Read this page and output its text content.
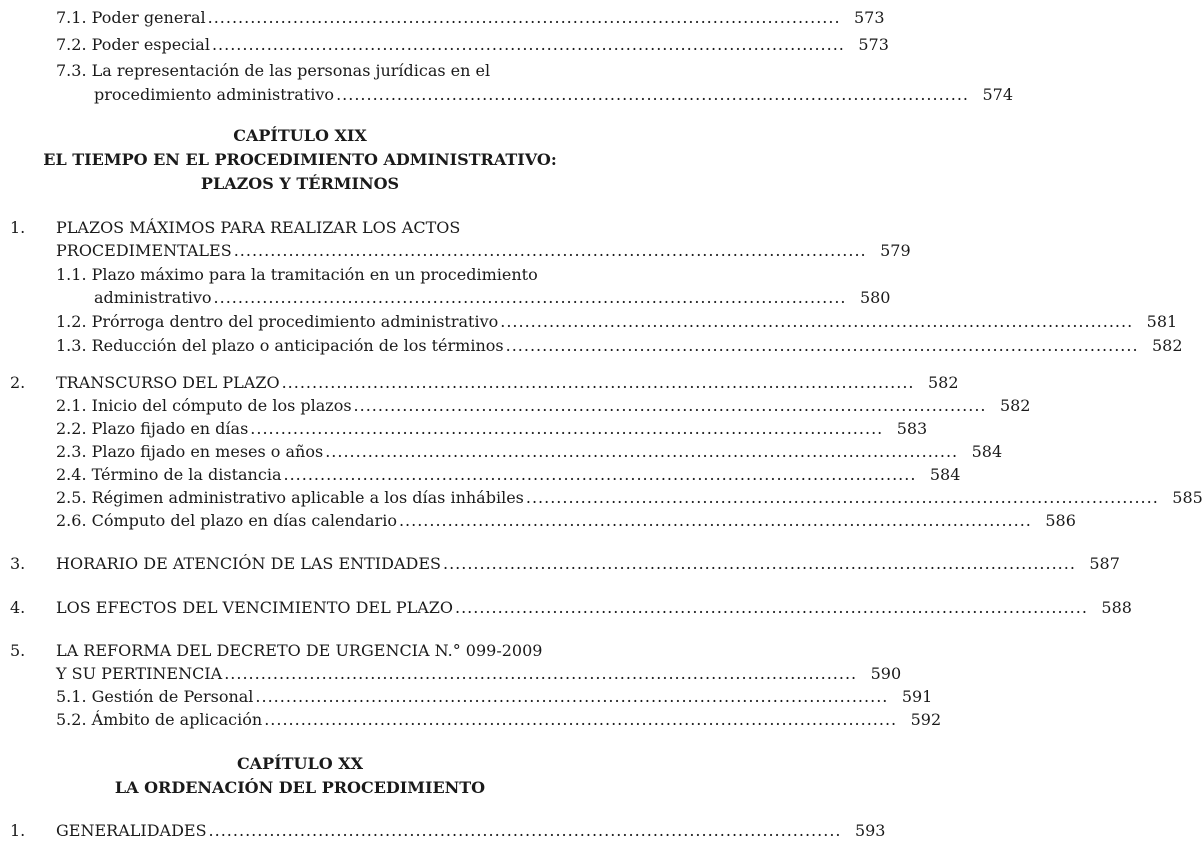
7.1. Poder general ........................................................................................................ 573
7.2. Poder especial ........................................................................................................ 573
7.3. La representación de las personas jurídicas en el
procedimiento administrativo ........................................................................................................ 574
CAPÍTULO XIX
EL TIEMPO EN EL PROCEDIMIENTO ADMINISTRATIVO:
PLAZOS Y TÉRMINOS
1. PLAZOS MÁXIMOS PARA REALIZAR LOS ACTOS
PROCEDIMENTALES ........................................................................................................ 579
1.1. Plazo máximo para la tramitación en un procedimiento
administrativo ........................................................................................................ 580
1.2. Prórroga dentro del procedimiento administrativo ........................................................................................................ 581
1.3. Reducción del plazo o anticipación de los términos ........................................................................................................ 582
2. TRANSCURSO DEL PLAZO ........................................................................................................ 582
2.1. Inicio del cómputo de los plazos ........................................................................................................ 582
2.2. Plazo fijado en días ........................................................................................................ 583
2.3. Plazo fijado en meses o años ........................................................................................................ 584
2.4. Término de la distancia ........................................................................................................ 584
2.5. Régimen administrativo aplicable a los días inhábiles ........................................................................................................ 585
2.6. Cómputo del plazo en días calendario ........................................................................................................ 586
3. HORARIO DE ATENCIÓN DE LAS ENTIDADES ........................................................................................................ 587
4. LOS EFECTOS DEL VENCIMIENTO DEL PLAZO ........................................................................................................ 588
5. LA REFORMA DEL DECRETO DE URGENCIA N.° 099-2009
Y SU PERTINENCIA ........................................................................................................ 590
5.1. Gestión de Personal ........................................................................................................ 591
5.2. Ámbito de aplicación ........................................................................................................ 592
CAPÍTULO XX
LA ORDENACIÓN DEL PROCEDIMIENTO
1. GENERALIDADES ........................................................................................................ 593
